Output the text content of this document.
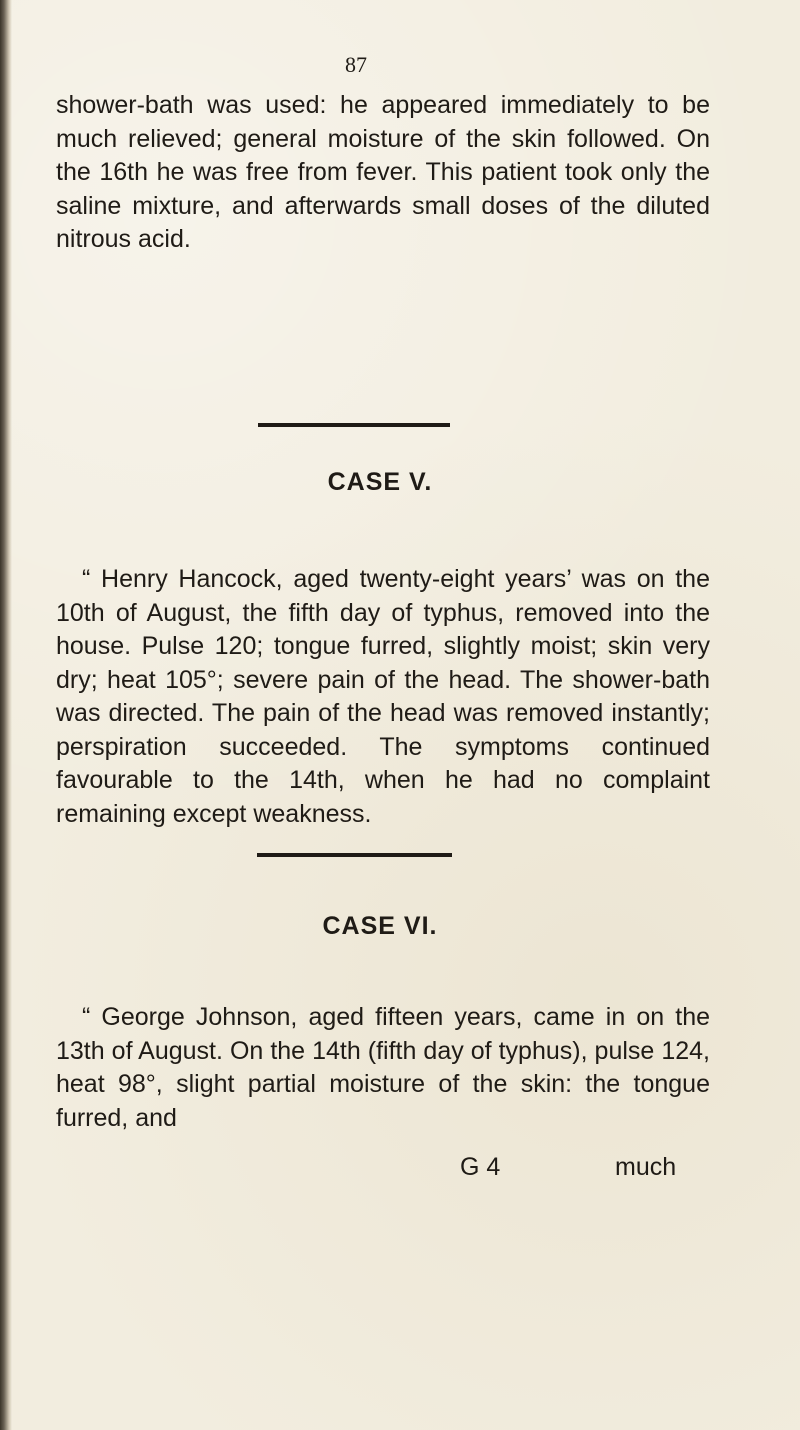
87

shower-bath was used: he appeared immediately to be much relieved; general moisture of the skin followed. On the 16th he was free from fever. This patient took only the saline mixture, and afterwards small doses of the diluted nitrous acid.

CASE V.

“ Henry Hancock, aged twenty-eight years’ was on the 10th of August, the fifth day of typhus, removed into the house. Pulse 120; tongue furred, slightly moist; skin very dry; heat 105°; severe pain of the head. The shower-bath was directed. The pain of the head was removed instantly; perspiration succeeded. The symptoms continued favourable to the 14th, when he had no complaint remaining except weakness.

CASE VI.

“ George Johnson, aged fifteen years, came in on the 13th of August. On the 14th (fifth day of typhus), pulse 124, heat 98°, slight partial moisture of the skin: the tongue furred, and

G 4	much
